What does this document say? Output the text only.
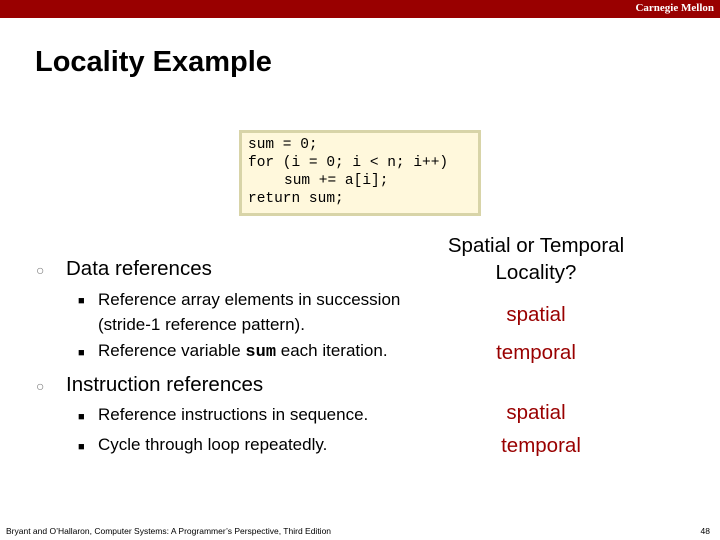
Carnegie Mellon
Locality Example
sum = 0;
for (i = 0; i < n; i++)
sum += a[i];
return sum;
○ Data references
■ Reference array elements in succession
(stride-1 reference pattern).
■ Reference variable sum each iteration.
○ Instruction references
■ Reference instructions in sequence.
■ Cycle through loop repeatedly.
Spatial or Temporal
Locality?
spatial
temporal
spatial
temporal
Bryant and O’Hallaron, Computer Systems: A Programmer’s Perspective, Third Edition	48
